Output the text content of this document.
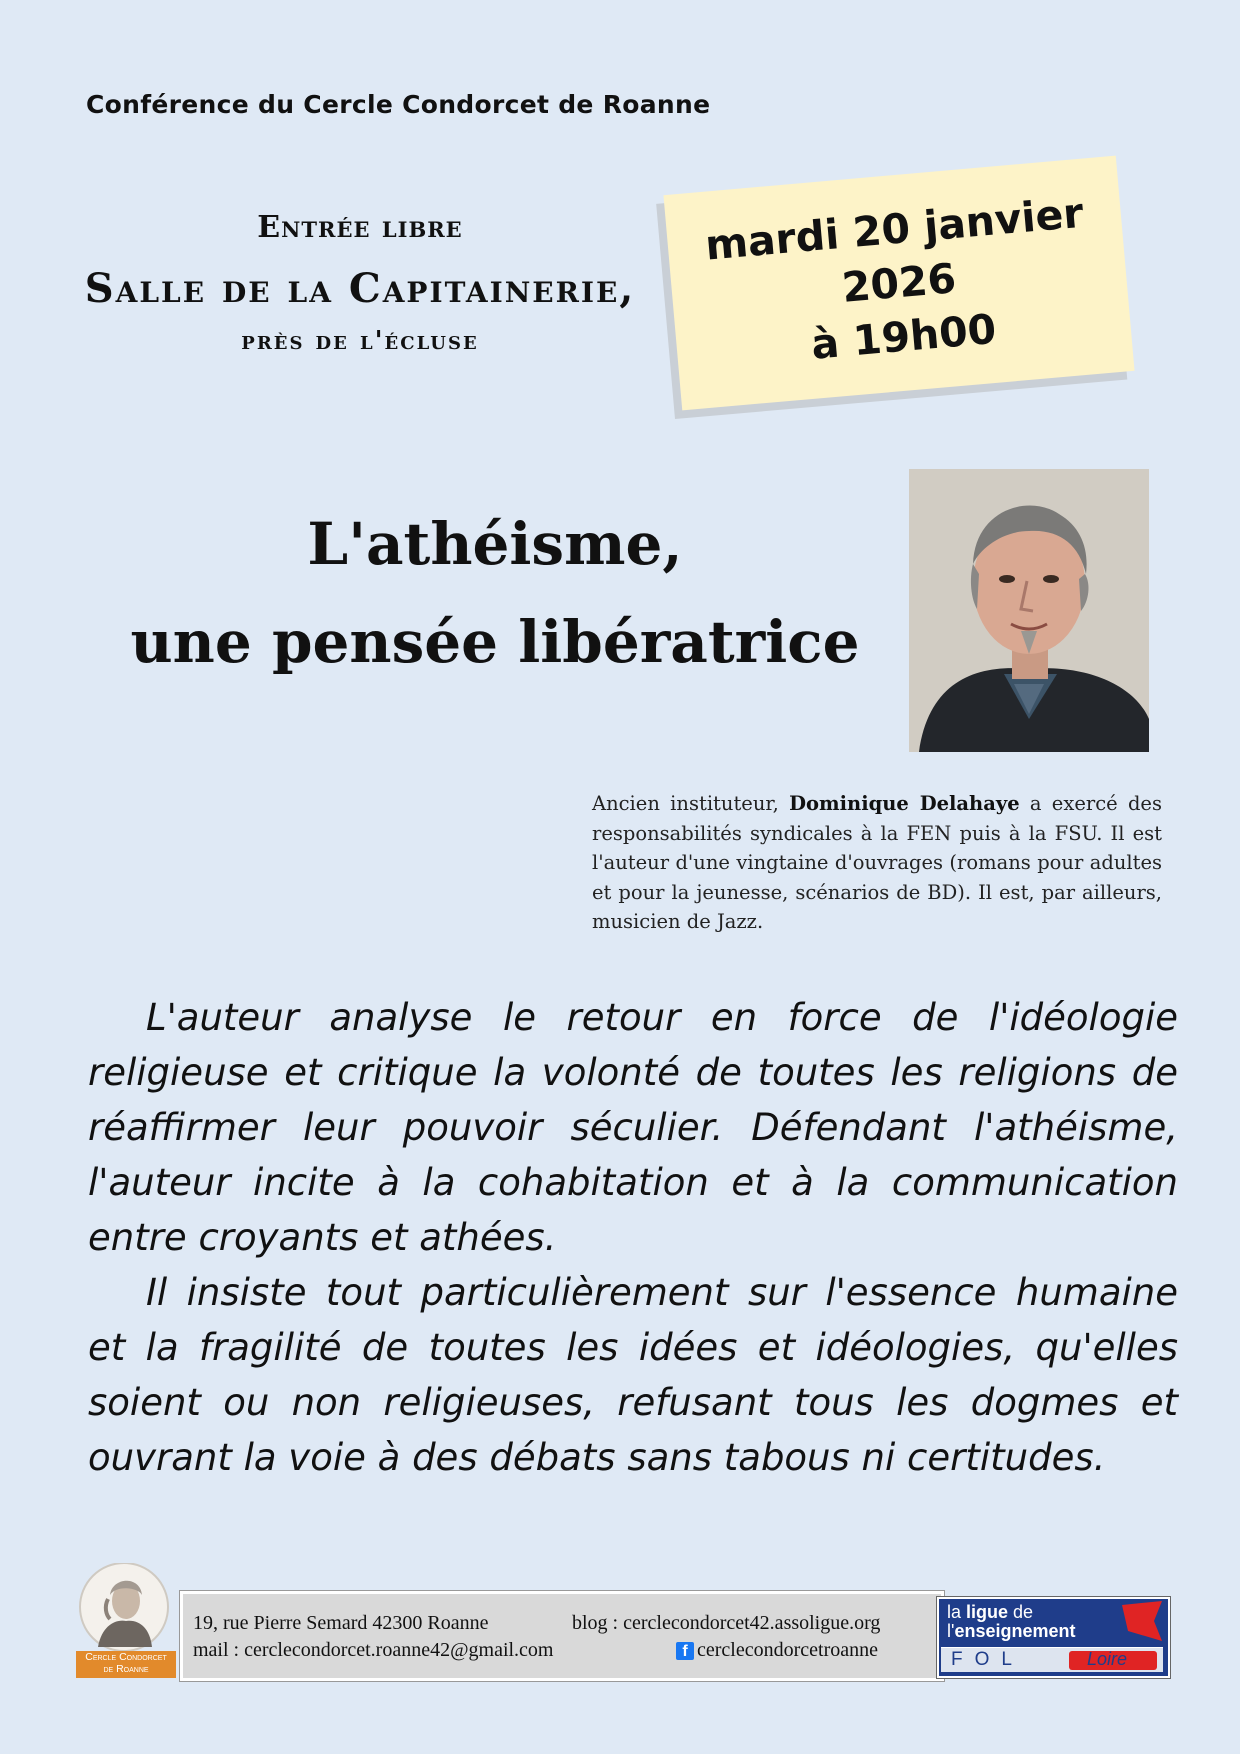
Conférence du Cercle Condorcet de Roanne
Entrée libre
Salle de la Capitainerie,
près de l'écluse
mardi 20 janvier
2026
à 19h00
L'athéisme,
une pensée libératrice
Ancien instituteur, Dominique Delahaye a exercé des responsabilités syndicales à la FEN puis à la FSU. Il est l'auteur d'une vingtaine d'ouvrages (romans pour adultes et pour la jeunesse, scénarios de BD). Il est, par ailleurs, musicien de Jazz.

L'auteur analyse le retour en force de l'idéologie religieuse et critique la volonté de toutes les religions de réaffirmer leur pouvoir séculier. Défendant l'athéisme, l'auteur incite à la cohabitation et à la communication entre croyants et athées.

Il insiste tout particulièrement sur l'essence humaine et la fragilité de toutes les idées et idéologies, qu'elles soient ou non religieuses, refusant tous les dogmes et ouvrant la voie à des débats sans tabous ni certitudes.

Cercle Condorcet
de Roanne
19, rue Pierre Semard 42300 Roanne
mail : cerclecondorcet.roanne42@gmail.com
blog : cerclecondorcet42.assoligue.org
f cerclecondorcetroanne
la ligue de
l'enseignement
FOL	Loire
